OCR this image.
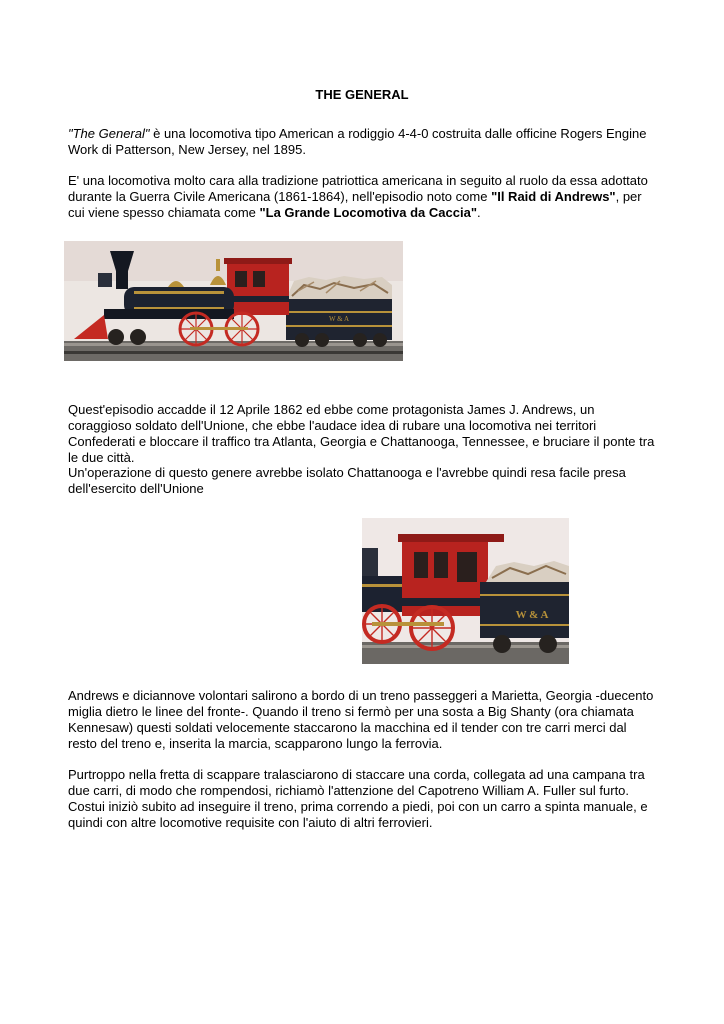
THE GENERAL

"The General" è una locomotiva tipo American a rodiggio 4-4-0 costruita dalle officine Rogers Engine Work di Patterson, New Jersey, nel 1895.

E' una locomotiva molto cara alla tradizione patriottica americana in seguito al ruolo da essa adottato durante la Guerra Civile Americana (1861-1864), nell'episodio noto come "Il Raid di Andrews", per cui viene spesso chiamata come "La Grande Locomotiva da Caccia".

W & A

Quest'episodio accadde il 12 Aprile 1862 ed ebbe come protagonista James J. Andrews, un coraggioso soldato dell'Unione, che ebbe l'audace idea di rubare una locomotiva nei territori Confederati e bloccare il traffico tra Atlanta, Georgia e Chattanooga, Tennessee, e bruciare il ponte tra le due città.

Un'operazione di questo genere avrebbe isolato Chattanooga e l'avrebbe quindi resa facile presa dell'esercito dell'Unione

W & A

Andrews e diciannove volontari salirono a bordo di un treno passeggeri a Marietta, Georgia -duecento miglia dietro le linee del fronte-. Quando il treno si fermò per una sosta a Big Shanty (ora chiamata Kennesaw) questi soldati velocemente staccarono la macchina ed il tender con tre carri merci dal resto del treno e, inserita la marcia, scapparono lungo la ferrovia.

Purtroppo nella fretta di scappare tralasciarono di staccare una corda, collegata ad una campana tra due carri, di modo che rompendosi, richiamò l'attenzione del Capotreno William A. Fuller sul furto. Costui iniziò subito ad inseguire il treno, prima correndo a piedi, poi con un carro a spinta manuale, e quindi con altre locomotive requisite con l'aiuto di altri ferrovieri.
